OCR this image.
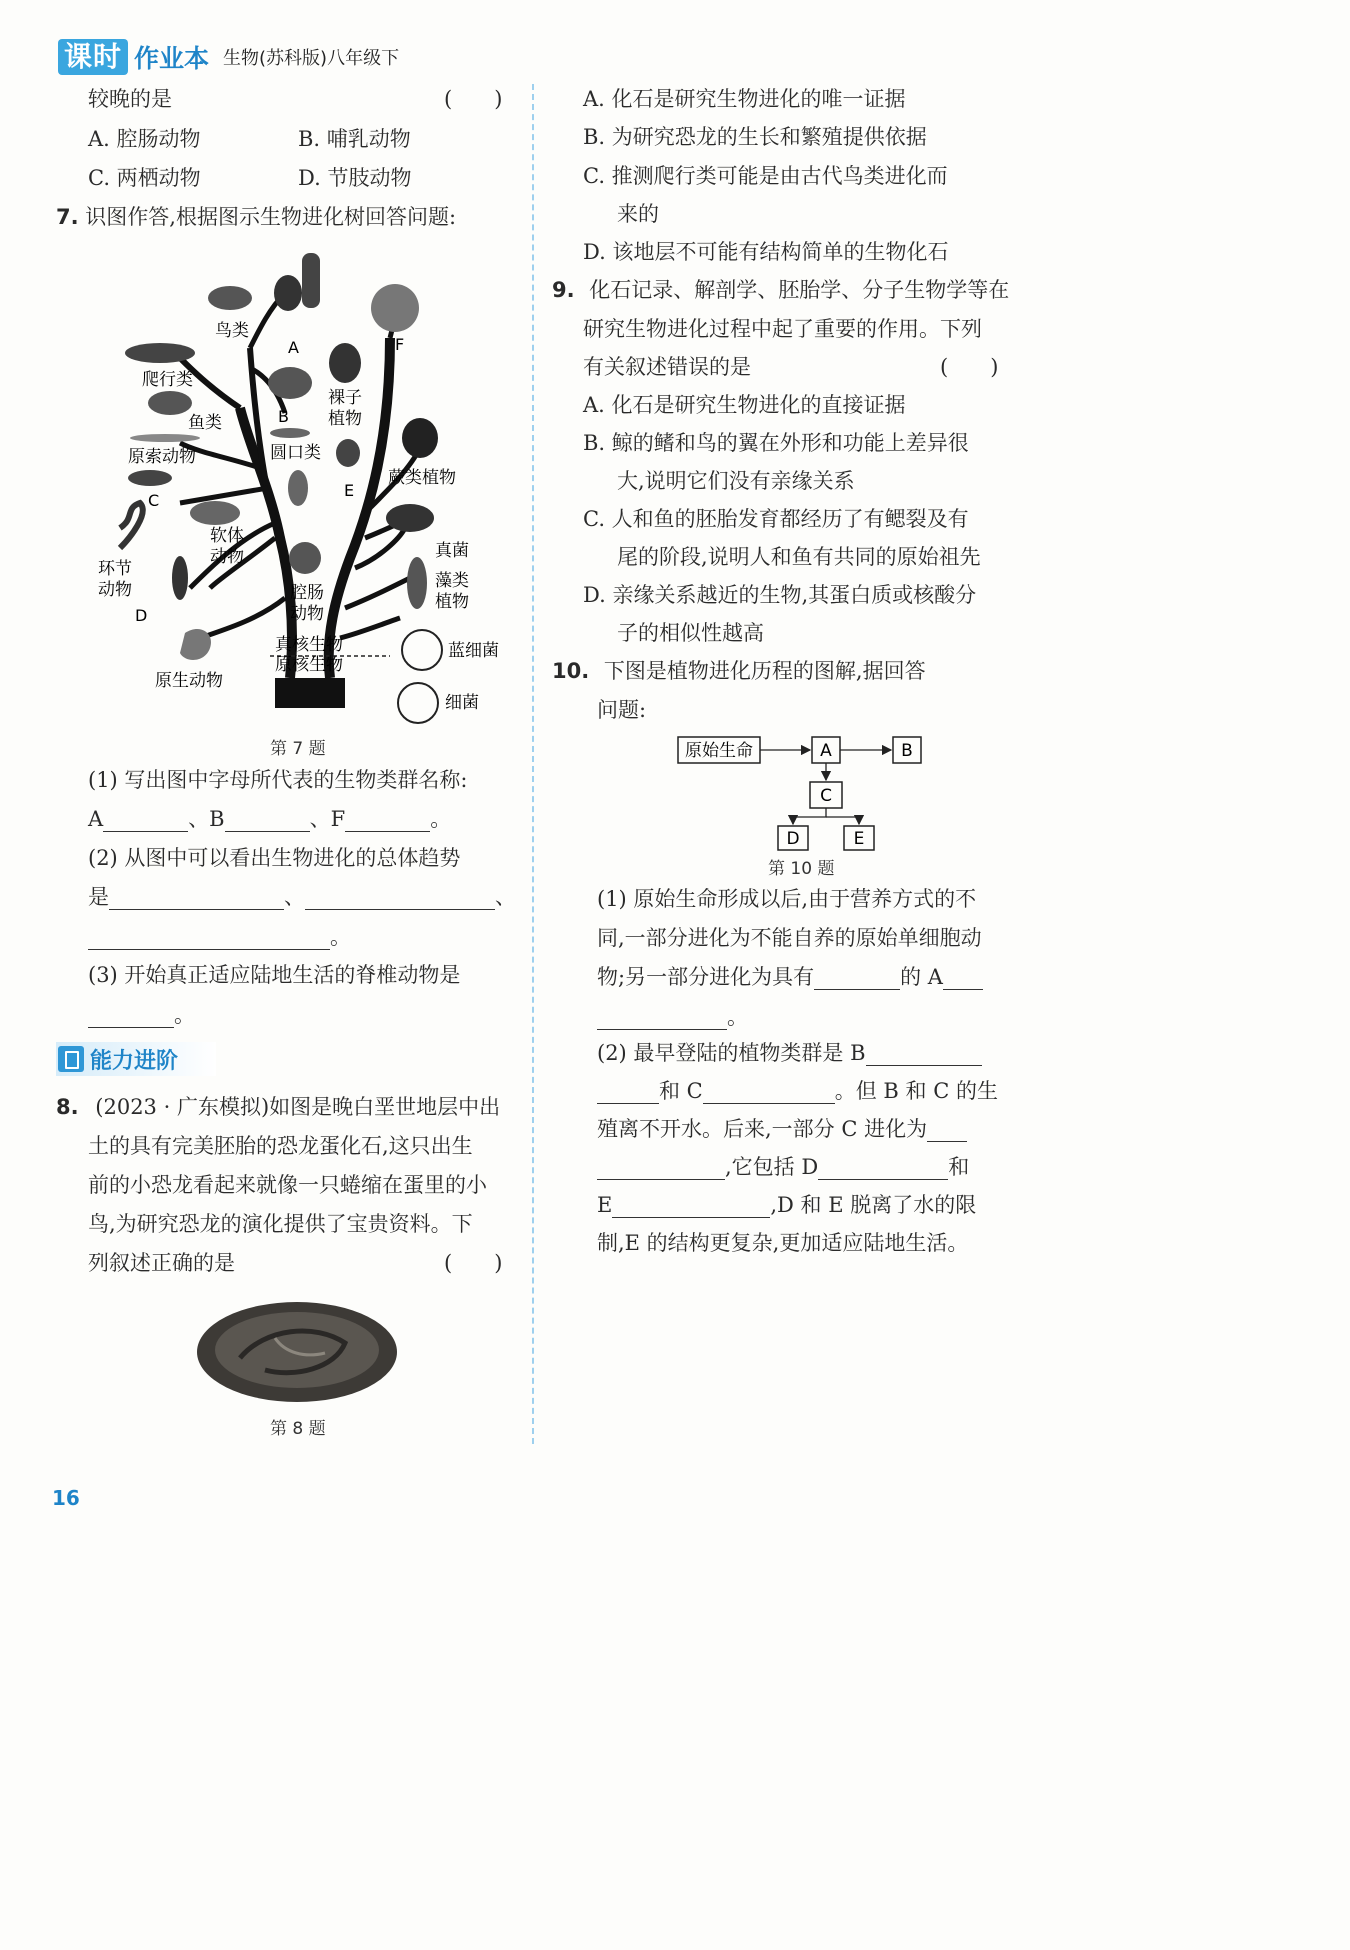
课时 作业本 生物(苏科版)八年级下
较晚的是	(　　)
A. 腔肠动物	B. 哺乳动物
C. 两栖动物	D. 节肢动物
7. 识图作答,根据图示生物进化树回答问题:
鸟类
A	F
爬行类
鱼类	B
裸子
植物
原索动物	圆口类
蕨类植物
C
E
软体
动物	真菌
环节
动物	藻类
植物
腔肠
动物
D
真核生物
原核生物
蓝细菌
原生动物
细菌
第 7 题
(1) 写出图中字母所代表的生物类群名称:
A	、B	、F	。
(2) 从图中可以看出生物进化的总体趋势
是	、	、
。
(3) 开始真正适应陆地生活的脊椎动物是
。
能力进阶
8. (2023 · 广东模拟)如图是晚白垩世地层中出
土的具有完美胚胎的恐龙蛋化石,这只出生
前的小恐龙看起来就像一只蜷缩在蛋里的小
鸟,为研究恐龙的演化提供了宝贵资料。下
列叙述正确的是	(　　)
第 8 题
A. 化石是研究生物进化的唯一证据
B. 为研究恐龙的生长和繁殖提供依据
C. 推测爬行类可能是由古代鸟类进化而
来的
D. 该地层不可能有结构简单的生物化石
9. 化石记录、解剖学、胚胎学、分子生物学等在
研究生物进化过程中起了重要的作用。下列
有关叙述错误的是	(　　)
A. 化石是研究生物进化的直接证据
B. 鲸的鳍和鸟的翼在外形和功能上差异很
大,说明它们没有亲缘关系
C. 人和鱼的胚胎发育都经历了有鳃裂及有
尾的阶段,说明人和鱼有共同的原始祖先
D. 亲缘关系越近的生物,其蛋白质或核酸分
子的相似性越高
10. 下图是植物进化历程的图解,据回答
问题:
原始生命	A	B
C
D	E
第 10 题
(1) 原始生命形成以后,由于营养方式的不
同,一部分进化为不能自养的原始单细胞动
物;另一部分进化为具有	的 A
。
(2) 最早登陆的植物类群是 B
和 C	。但 B 和 C 的生
殖离不开水。后来,一部分 C 进化为
,它包括 D	和
E	,D 和 E 脱离了水的限
制,E 的结构更复杂,更加适应陆地生活。
16
